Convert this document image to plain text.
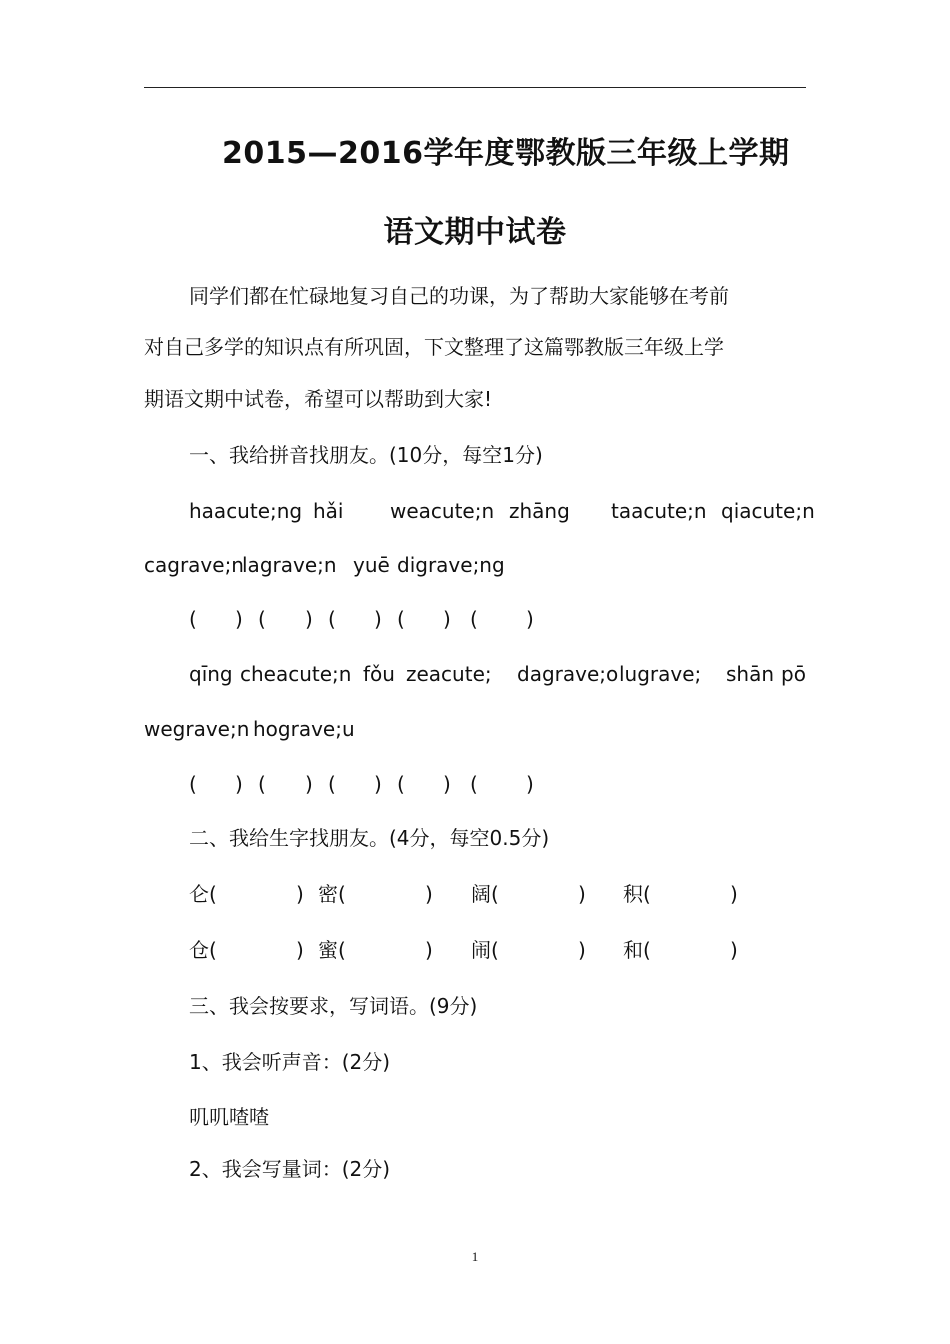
2015—2016学年度鄂教版三年级上学期
语文期中试卷
同学们都在忙碌地复习自己的功课，为了帮助大家能够在考前
对自己多学的知识点有所巩固，下文整理了这篇鄂教版三年级上学
期语文期中试卷，希望可以帮助到大家!
一、我给拼音找朋友。(10分，每空1分)
haacute;ng hǎi weacute;n zhāng taacute;n qiacute;n
cagrave;n
lagrave;n yuē digrave;ng
( ) ( ) ( ) ( ) ( )
qīng cheacute;n fǒu zeacute; dagrave;o lugrave; shān pō
wegrave;n hograve;u
( ) ( ) ( ) ( ) ( )
二、我给生字找朋友。(4分，每空0.5分)
仑(	) 密(	) 阔(	) 积(	)
仓(	) 蜜(	) 闹(	) 和(	)
三、我会按要求，写词语。(9分)
1、我会听声音：(2分)
叽叽喳喳
2、我会写量词：(2分)
1
